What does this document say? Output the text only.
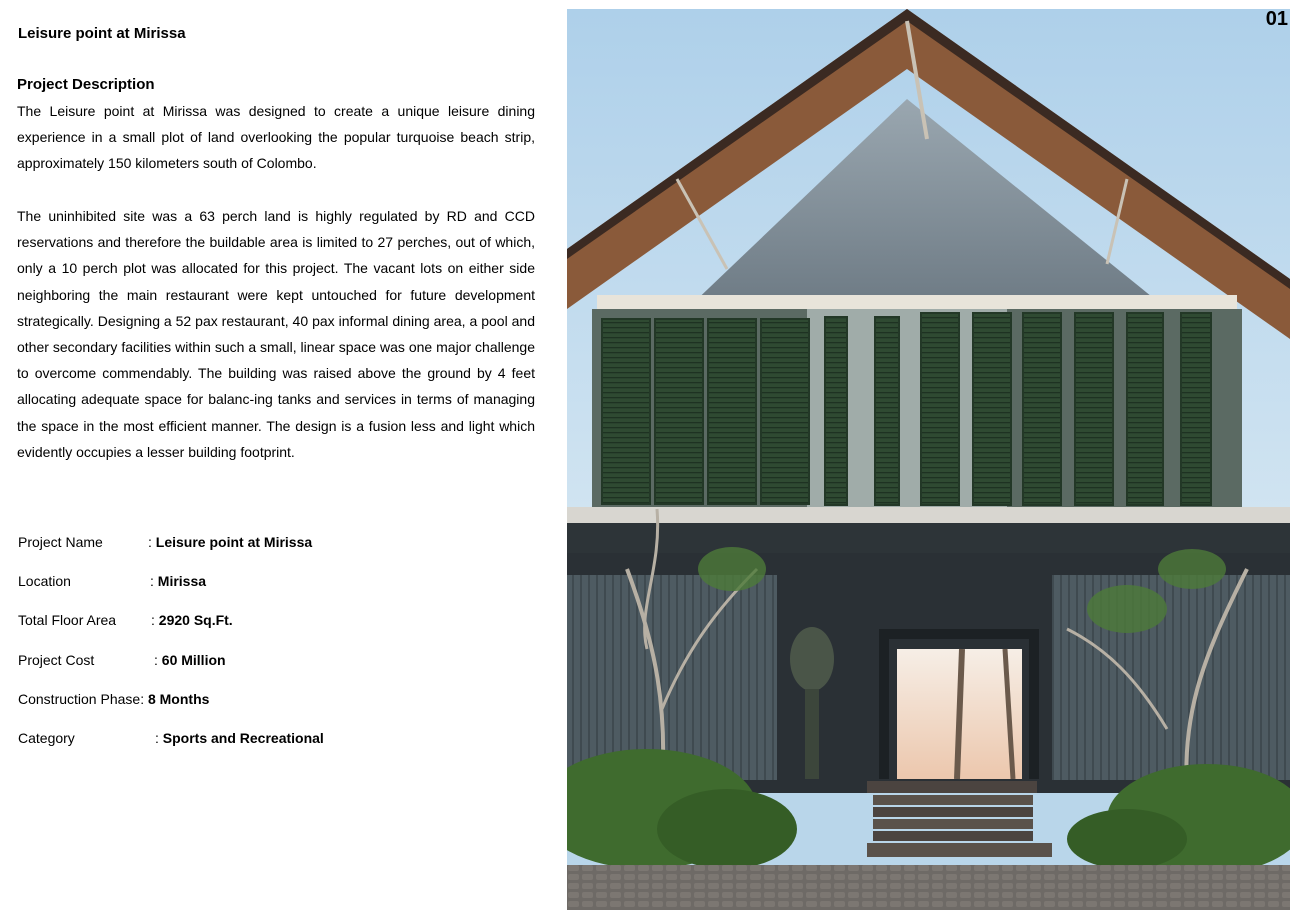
Leisure point at Mirissa
01
Project Description

The Leisure point at Mirissa was designed to create a unique leisure dining experience in a small plot of land overlooking the popular turquoise beach strip, approximately 150 kilometers south of Colombo.

The uninhibited site was a 63 perch land is highly regulated by RD and CCD reservations and therefore the buildable area is limited to 27 perches, out of which, only a 10 perch plot was allocated for this project. The vacant lots on either side neighboring the main restaurant were kept untouched for future development strategically. Designing a 52 pax restaurant, 40 pax informal dining area, a pool and other secondary facilities within such a small, linear space was one major challenge to overcome commendably. The building was raised above the ground by 4 feet allocating adequate space for balanc-ing tanks and services in terms of managing the space in the most efficient manner. The design is a fusion less and light which evidently occupies a lesser building footprint.

Project Name	:
Leisure point at Mirissa
Location	:
Mirissa
Total Floor Area	:
2920 Sq.Ft.
Project Cost	:
60 Million
Construction Phase :
8 Months
Category	:
Sports and Recreational
